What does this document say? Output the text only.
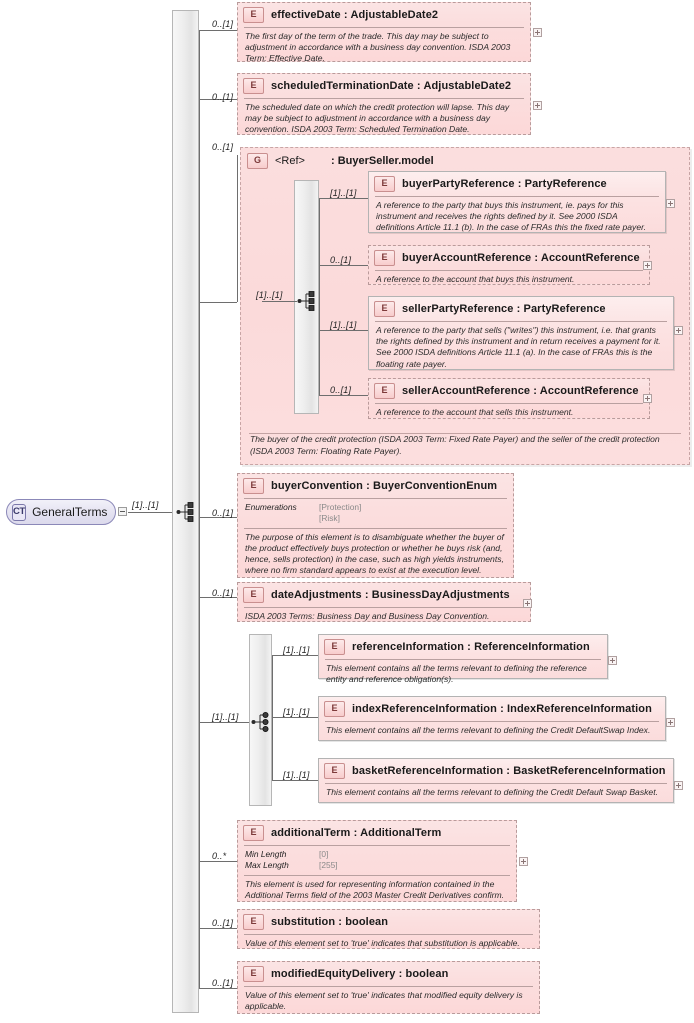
CT GeneralTerms	[1]..[1]
0..[1]
E	effectiveDate : AdjustableDate2
The first day of the term of the trade. This day may be subject to adjustment in accordance with a business day convention. ISDA 2003 Term: Effective Date.
0..[1]
E	scheduledTerminationDate : AdjustableDate2
The scheduled date on which the credit protection will lapse. This day may be subject to adjustment in accordance with a business day convention. ISDA 2003 Term: Scheduled Termination Date.
0..[1]
G	<Ref> : BuyerSeller.model
The buyer of the credit protection (ISDA 2003 Term: Fixed Rate Payer) and the seller of the credit protection (ISDA 2003 Term: Floating Rate Payer).
[1]..[1]
[1]..[1]
E	buyerPartyReference : PartyReference
A reference to the party that buys this instrument, ie. pays for this instrument and receives the rights defined by it. See 2000 ISDA definitions Article 11.1 (b). In the case of FRAs this the fixed rate payer.
0..[1]	E	buyerAccountReference : AccountReference
A reference to the account that buys this instrument.
[1]..[1]
E	sellerPartyReference : PartyReference
A reference to the party that sells ("writes") this instrument, i.e. that grants the rights defined by this instrument and in return receives a payment for it. See 2000 ISDA definitions Article 11.1 (a). In the case of FRAs this is the floating rate payer.
0..[1]	E	sellerAccountReference : AccountReference
A reference to the account that sells this instrument.
0..[1]
E	buyerConvention : BuyerConventionEnum
Enumerations	[Protection]
[Risk]
The purpose of this element is to disambiguate whether the buyer of the product effectively buys protection or whether he buys risk (and, hence, sells protection) in the case, such as high yields instruments, where no firm standard appears to exist at the execution level.
0..[1]	E	dateAdjustments : BusinessDayAdjustments
ISDA 2003 Terms: Business Day and Business Day Convention.
[1]..[1]
[1]..[1]	E	referenceInformation : ReferenceInformation
This element contains all the terms relevant to defining the reference entity and reference obligation(s).
[1]..[1]	E	indexReferenceInformation : IndexReferenceInformation
This element contains all the terms relevant to defining the Credit DefaultSwap Index.
[1]..[1]	E	basketReferenceInformation : BasketReferenceInformation
This element contains all the terms relevant to defining the Credit Default Swap Basket.
0..*
E	additionalTerm : AdditionalTerm
Min Length	[0]
Max Length	[255]
This element is used for representing information contained in the Additional Terms field of the 2003 Master Credit Derivatives confirm.
0..[1]	E	substitution : boolean
Value of this element set to 'true' indicates that substitution is applicable.
0..[1]
E	modifiedEquityDelivery : boolean
Value of this element set to 'true' indicates that modified equity delivery is applicable.
